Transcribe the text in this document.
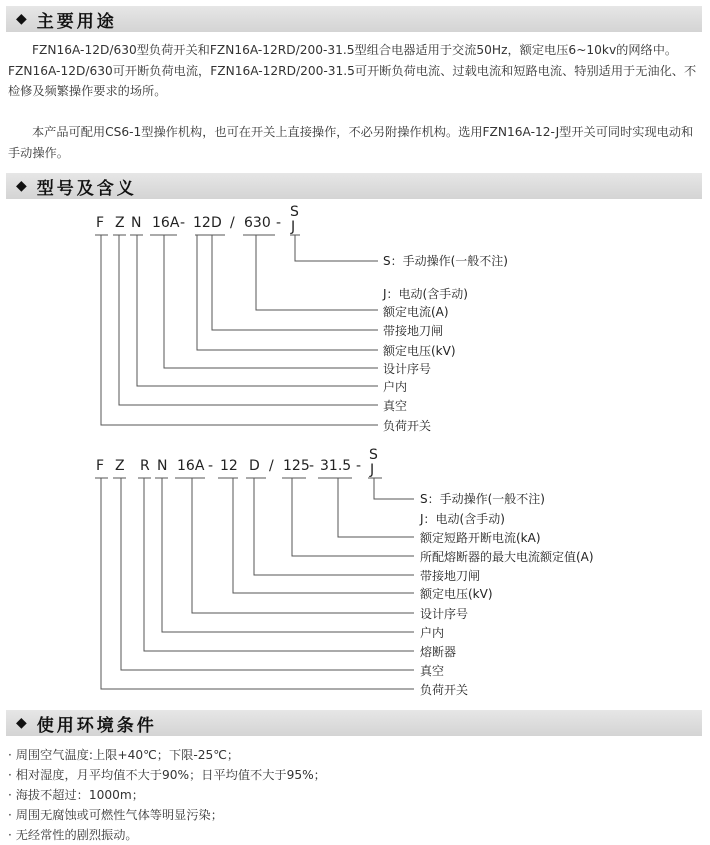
◆ 主要用途

FZN16A-12D/630型负荷开关和FZN16A-12RD/200-31.5型组合电器适用于交流50Hz，额定电压6~10kv的网络中。FZN16A-12D/630可开断负荷电流，FZN16A-12RD/200-31.5可开断负荷电流、过载电流和短路电流、特别适用于无油化、不检修及频繁操作要求的场所。

本产品可配用CS6-1型操作机构，也可在开关上直接操作，不必另附操作机构。选用FZN16A-12-J型开关可同时实现电动和手动操作。

◆ 型号及含义
F Z N 16A - 12 D / 630 -
S
J
S：手动操作(一般不注)
J：电动(含手动)
额定电流(A)
带接地刀闸
额定电压(kV)
设计序号
户内
真空
负荷开关
F Z R N 16A - 12 D / 125 - 31.5 -
S
J
S：手动操作(一般不注)
J：电动(含手动)
额定短路开断电流(kA)
所配熔断器的最大电流额定值(A)
带接地刀闸
额定电压(kV)
设计序号
户内
熔断器
真空
负荷开关
◆ 使用环境条件

· 周围空气温度:上限+40℃；下限-25℃；

· 相对湿度，月平均值不大于90%；日平均值不大于95%；

· 海拔不超过：1000m；

· 周围无腐蚀或可燃性气体等明显污染；

· 无经常性的剧烈振动。
